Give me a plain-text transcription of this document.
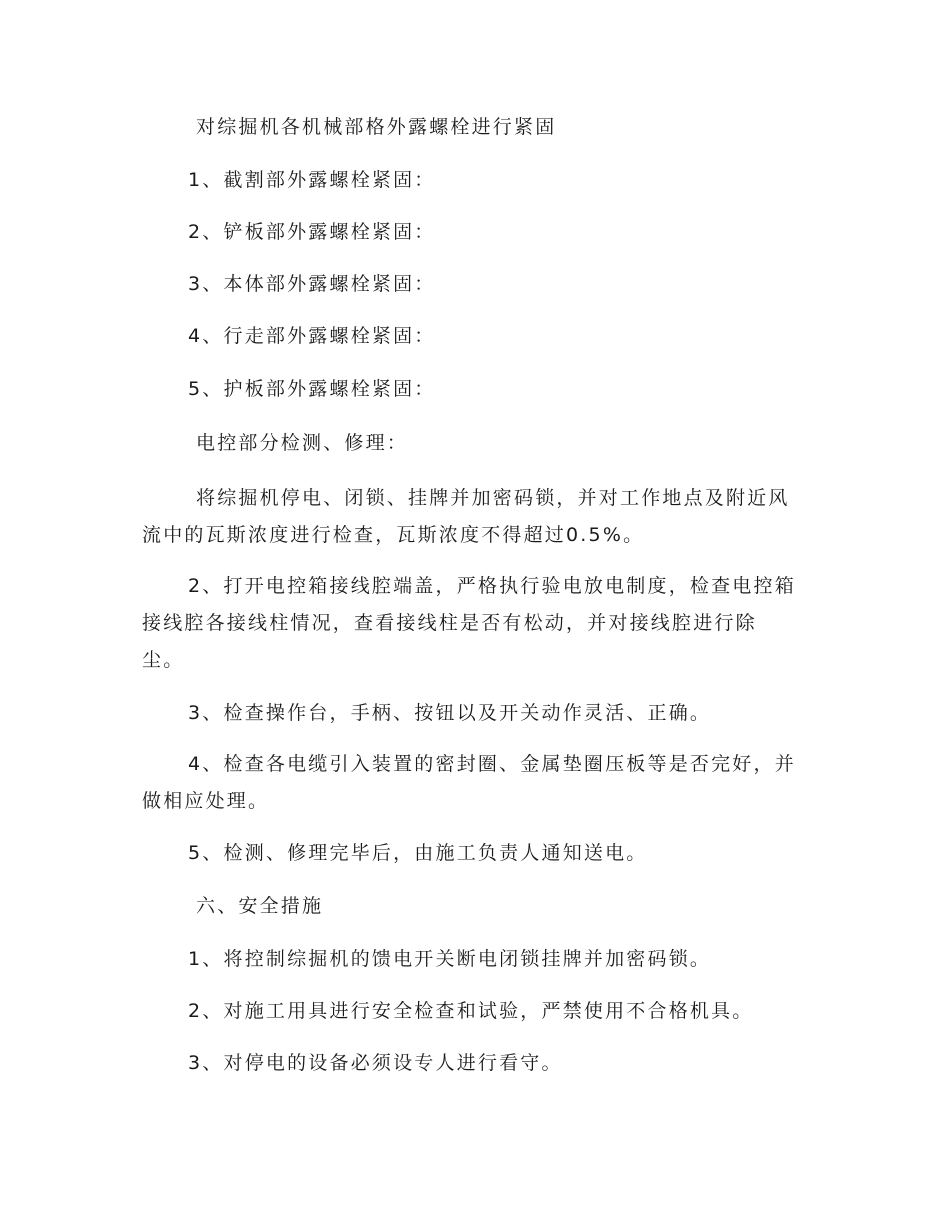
对综掘机各机械部格外露螺栓进行紧固
1、截割部外露螺栓紧固：
2、铲板部外露螺栓紧固：
3、本体部外露螺栓紧固：
4、行走部外露螺栓紧固：
5、护板部外露螺栓紧固：
电控部分检测、修理：
将综掘机停电、闭锁、挂牌并加密码锁，并对工作地点及附近风
流中的瓦斯浓度进行检查，瓦斯浓度不得超过0.5%。
2、打开电控箱接线腔端盖，严格执行验电放电制度，检查电控箱
接线腔各接线柱情况，查看接线柱是否有松动，并对接线腔进行除
尘。
3、检查操作台，手柄、按钮以及开关动作灵活、正确。
4、检查各电缆引入装置的密封圈、金属垫圈压板等是否完好，并
做相应处理。
5、检测、修理完毕后，由施工负责人通知送电。
六、安全措施
1、将控制综掘机的馈电开关断电闭锁挂牌并加密码锁。
2、对施工用具进行安全检查和试验，严禁使用不合格机具。
3、对停电的设备必须设专人进行看守。
